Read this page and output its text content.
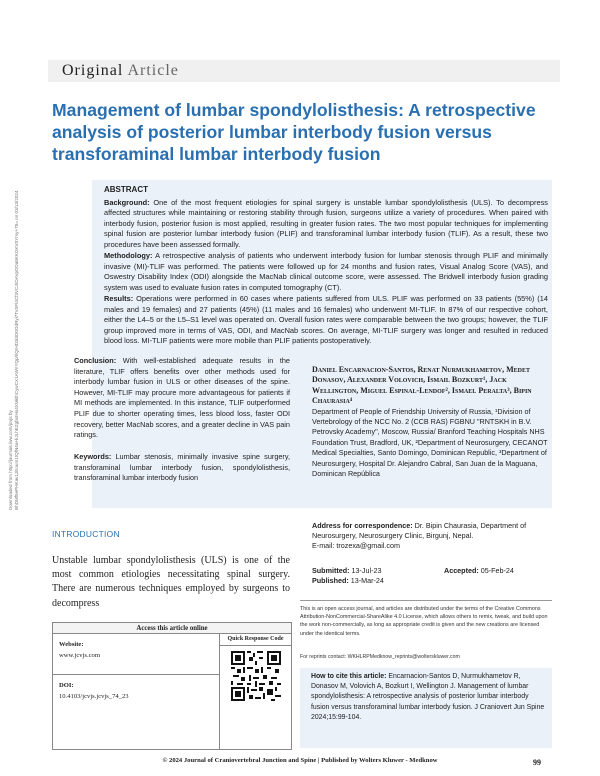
Original Article
Downloaded from http://journals.lww.com/jcvjs by BhDMf5ePHKav1zEoum1tQfN4a+kJLhEZgbsIHo4XMi0hCywCX1AWnYQp/IlQrHD3i3D0OdRyi7TvSFl4Cf3VC4/OAVpDDa8KKGKV0Ymy+78= on 03/13/2024
Management of lumbar spondylolisthesis: A retrospective analysis of posterior lumbar interbody fusion versus transforaminal lumbar interbody fusion
ABSTRACT

Background: One of the most frequent etiologies for spinal surgery is unstable lumbar spondylolisthesis (ULS). To decompress affected structures while maintaining or restoring stability through fusion, surgeons utilize a variety of procedures. When paired with interbody fusion, posterior fusion is most applied, resulting in greater fusion rates. The two most popular techniques for implementing spinal fusion are posterior lumbar interbody fusion (PLIF) and transforaminal lumbar interbody fusion (TLIF). As a result, these two procedures have been assessed formally.

Methodology: A retrospective analysis of patients who underwent interbody fusion for lumbar stenosis through PLIF and minimally invasive (MI)-TLIF was performed. The patients were followed up for 24 months and fusion rates, Visual Analog Score (VAS), and Oswestry Disability Index (ODI) alongside the MacNab clinical outcome score, were assessed. The Bridwell interbody fusion grading system was used to evaluate fusion rates in computed tomography (CT).

Results: Operations were performed in 60 cases where patients suffered from ULS. PLIF was performed on 33 patients (55%) (14 males and 19 females) and 27 patients (45%) (11 males and 16 females) who underwent MI-TLIF. In 87% of our respective cohort, either the L4–5 or the L5–S1 level was operated on. Overall fusion rates were comparable between the two groups; however, the TLIF group improved more in terms of VAS, ODI, and MacNab scores. On average, MI-TLIF surgery was longer and resulted in reduced blood loss. MI-TLIF patients were more mobile than PLIF patients postoperatively.

Conclusion: With well-established adequate results in the literature, TLIF offers benefits over other methods used for interbody lumbar fusion in ULS or other diseases of the spine. However, MI-TLIF may procure more advantageous for patients if MI methods are implemented. In this instance, TLIF outperformed PLIF due to shorter operating times, less blood loss, faster ODI recovery, better MacNab scores, and a greater decline in VAS pain ratings.
Keywords: Lumbar stenosis, minimally invasive spine surgery, transforaminal lumbar interbody fusion, spondylolisthesis, transforaminal lumbar interbody fusion
Daniel Encarnacion-Santos, Renat Nurmukhametov, Medet Donasov, Alexander Volovich, Ismail Bozkurt¹, Jack Wellington, Miguel Espinal-Lendof², Ismael Peralta³, Bipin Chaurasia⁴
Department of People of Friendship University of Russia, ¹Division of Vertebrology of the NCC No. 2 (CCB RAS) FGBNU "RNTSKH in B.V. Petrovsky Academy", Moscow, Russia/ Branford Teaching Hospitals NHS Foundation Trust, Bradford, UK, ²Department of Neurosurgery, CECANOT Medical Specialties, Santo Domingo, Dominican Republic, ³Department of Neurosurgery, Hospital Dr. Alejandro Cabral, San Juan de la Maguana, Dominican República
Address for correspondence: Dr. Bipin Chaurasia, Department of Neurosurgery, Neurosurgery Clinic, Birgunj, Nepal.
E-mail: trozexa@gmail.com
Submitted: 13-Jul-23	Accepted: 05-Feb-24
Published: 13-Mar-24
This is an open access journal, and articles are distributed under the terms of the Creative Commons Attribution-NonCommercial-ShareAlike 4.0 License, which allows others to remix, tweak, and build upon the work non-commercially, as long as appropriate credit is given and the new creations are licensed under the identical terms.
For reprints contact: WKHLRPMedknow_reprints@wolterskluwer.com
How to cite this article: Encarnacion-Santos D, Nurmukhametov R, Donasov M, Volovich A, Bozkurt I, Wellington J. Management of lumbar spondylolisthesis: A retrospective analysis of posterior lumbar interbody fusion versus transforaminal lumbar interbody fusion. J Craniovert Jun Spine 2024;15:99-104.
INTRODUCTION
Unstable lumbar spondylolisthesis (ULS) is one of the most common etiologies necessitating spinal surgery. There are numerous techniques employed by surgeons to decompress
Access this article online
Website:
www.jcvjs.com
DOI:
10.4103/jcvjs.jcvjs_74_23
Quick Response Code
© 2024 Journal of Craniovertebral Junction and Spine | Published by Wolters Kluwer - Medknow	99
